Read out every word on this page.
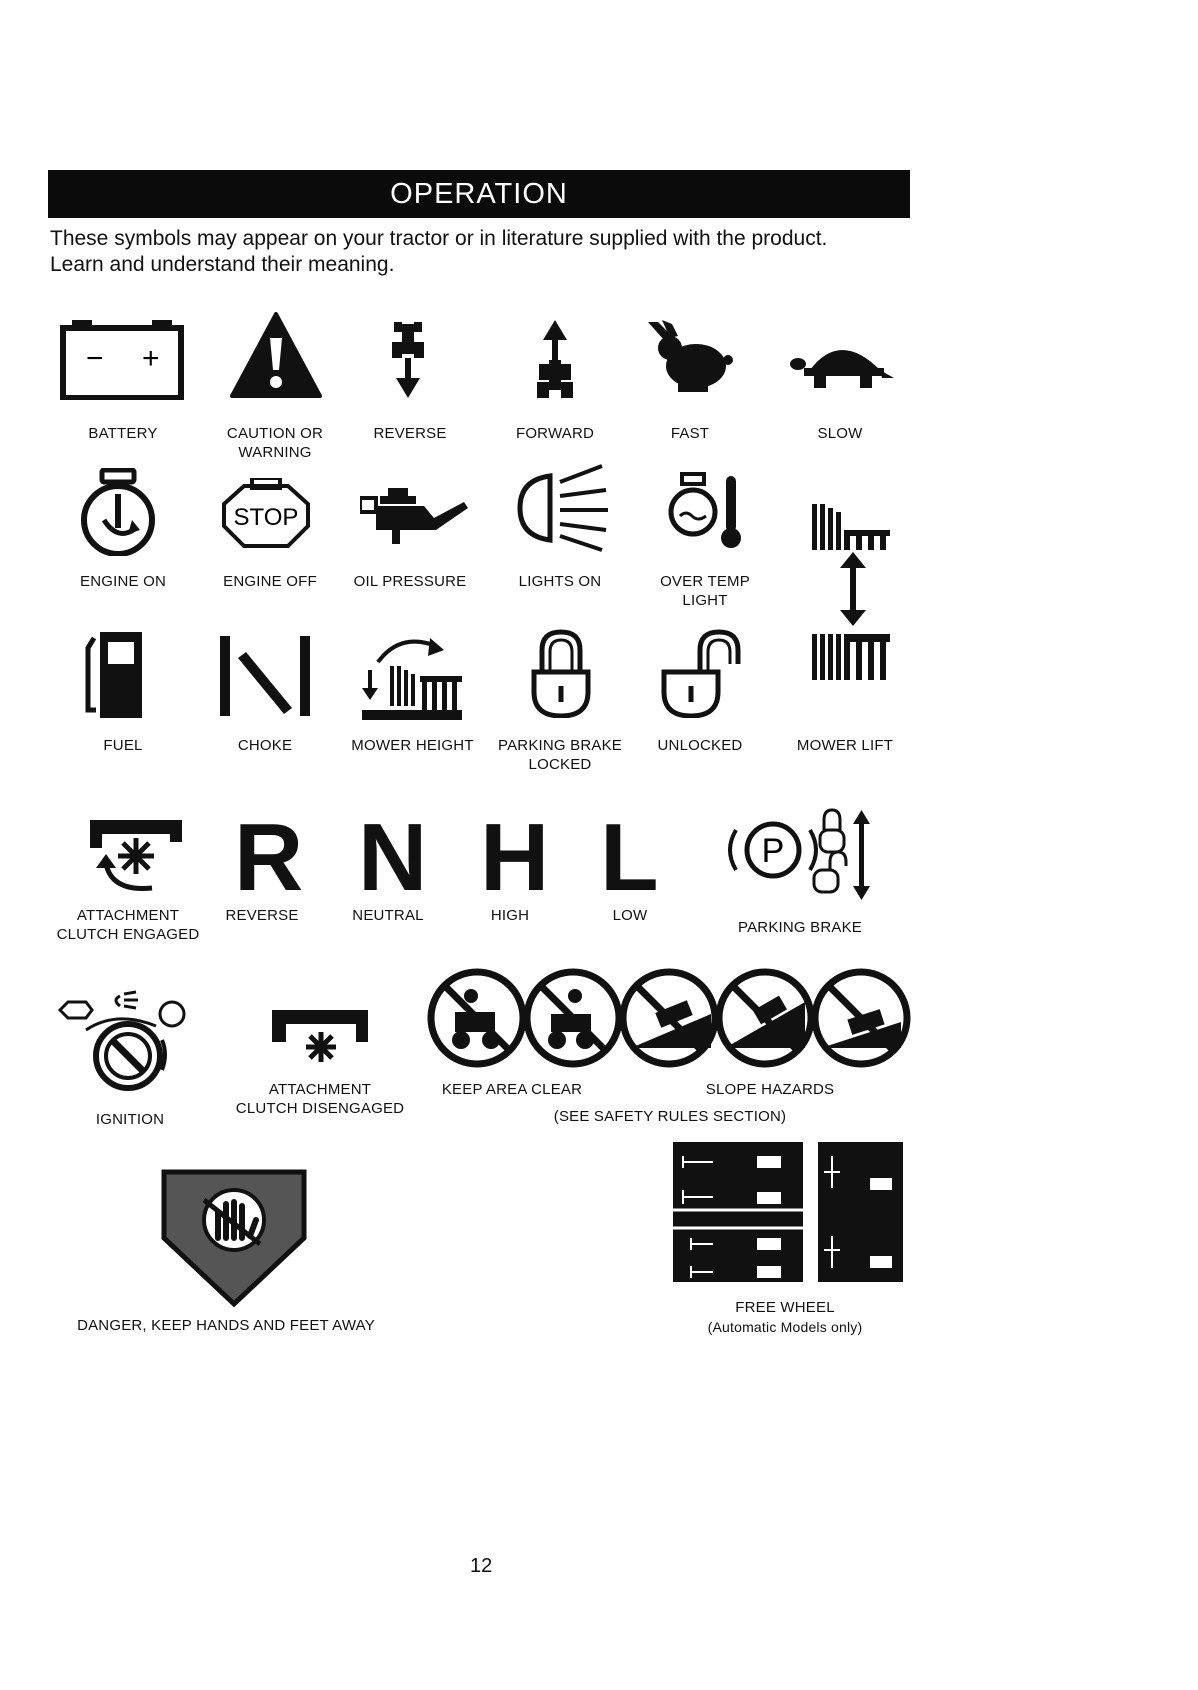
OPERATION
These symbols may appear on your tractor or in literature supplied with the product.
Learn and understand their meaning.
− +
BATTERY	CAUTION OR
WARNING
REVERSE	FORWARD	FAST	SLOW
ENGINE ON
STOP
ENGINE OFF	OIL PRESSURE	LIGHTS ON	OVER TEMP
LIGHT
FUEL	CHOKE	MOWER HEIGHT	PARKING BRAKE
LOCKED
UNLOCKED	MOWER LIFT
ATTACHMENT
CLUTCH ENGAGED
R
REVERSE
N
NEUTRAL
H
HIGH
L
LOW
P
PARKING BRAKE
IGNITION
ATTACHMENT
CLUTCH DISENGAGED
KEEP AREA CLEAR	SLOPE HAZARDS
(SEE SAFETY RULES SECTION)
DANGER, KEEP HANDS AND FEET AWAY
FREE WHEEL
(Automatic Models only)
12
